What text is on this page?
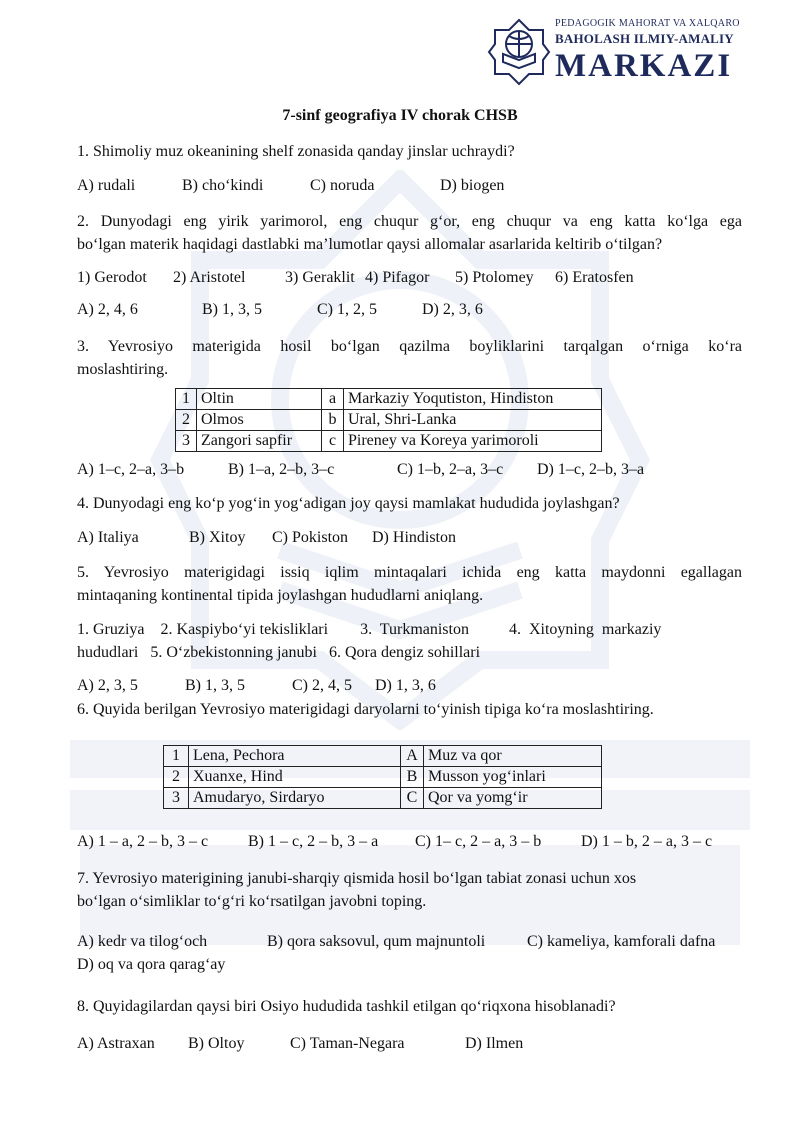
PEDAGOGIK MAHORAT VA XALQARO
BAHOLASH ILMIY-AMALIY
MARKAZI
7-sinf geografiya IV chorak CHSB
1. Shimoliy muz okeanining shelf zonasida qanday jinslar uchraydi?
A) rudali	B) cho‘kindi	C) noruda	D) biogen
2. Dunyodagi eng yirik yarimorol, eng chuqur g‘or, eng chuqur va eng katta ko‘lga ega
bo‘lgan materik haqidagi dastlabki ma’lumotlar qaysi allomalar asarlarida keltirib o‘tilgan?
1) Gerodot 2) Aristotel 3) Geraklit 4) Pifagor 5) Ptolomey 6) Eratosfen
A) 2, 4, 6	B) 1, 3, 5	C) 1, 2, 5	D) 2, 3, 6
3. Yevrosiyo materigida hosil bo‘lgan qazilma boyliklarini tarqalgan o‘rniga ko‘ra
moslashtiring.
1	Oltin	a	Markaziy Yoqutiston, Hindiston
2	Olmos	b	Ural, Shri-Lanka
3	Zangori sapfir	c	Pireney va Koreya yarimoroli
A) 1–c, 2–a, 3–b	B) 1–a, 2–b, 3–c	C) 1–b, 2–a, 3–c D) 1–c, 2–b, 3–a
4. Dunyodagi eng ko‘p yog‘in yog‘adigan joy qaysi mamlakat hududida joylashgan?
A) Italiya	B) Xitoy C) Pokiston D) Hindiston
5. Yevrosiyo materigidagi issiq iqlim mintaqalari ichida eng katta maydonni egallagan
mintaqaning kontinental tipida joylashgan hududlarni aniqlang.
1. Gruziya    2. Kaspiybo‘yi tekisliklari        3.  Turkmaniston          4.  Xitoyning  markaziy
hududlari   5. O‘zbekistonning janubi   6. Qora dengiz sohillari
A) 2, 3, 5	B) 1, 3, 5	C) 2, 4, 5 D) 1, 3, 6
6. Quyida berilgan Yevrosiyo materigidagi daryolarni to‘yinish tipiga ko‘ra moslashtiring.
1	Lena, Pechora	A	Muz va qor
2	Xuanxe, Hind	B	Musson yog‘inlari
3	Amudaryo, Sirdaryo	C	Qor va yomg‘ir
A) 1 – a, 2 – b, 3 – c B) 1 – c, 2 – b, 3 – a C) 1– c, 2 – a, 3 – b D) 1 – b, 2 – a, 3 – c
7. Yevrosiyo materigining janubi-sharqiy qismida hosil bo‘lgan tabiat zonasi uchun xos
bo‘lgan o‘simliklar to‘g‘ri ko‘rsatilgan javobni toping.
A) kedr va tilog‘och	B) qora saksovul, qum majnuntoli	C) kameliya, kamforali dafna
D) oq va qora qarag‘ay
8. Quyidagilardan qaysi biri Osiyo hududida tashkil etilgan qo‘riqxona hisoblanadi?
A) Astraxan B) Oltoy	C) Taman-Negara	D) Ilmen
